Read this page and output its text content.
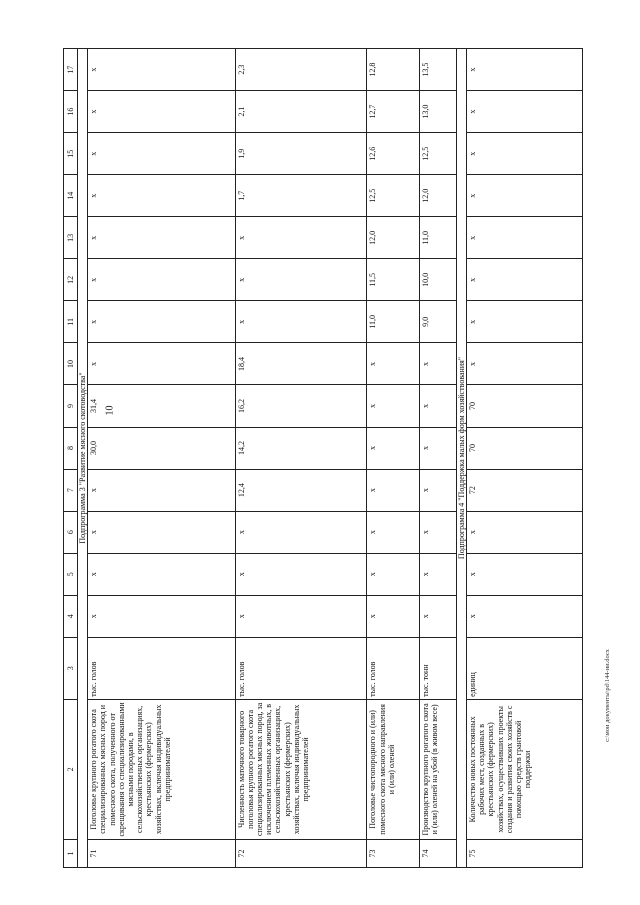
10
1	2	3	4	5	6	7	8	9	10	11	12	13	14	15	16	17
Подпрограмма 3 "Развитие мясного скотоводства"																
71	Поголовье крупного рогатого скота специализированных мясных пород и помесного скота, полученного от скрещивания со специализированными мясными породами, в сельскохозяйственных организациях, крестьянских (фермерских) хозяйствах, включая индивидуальных предпринимателей	тыс. голов	х	х	х	х	30,0	31,4	х	х	х	х	х	х	х	х
72	Численность маточного товарного поголовья крупного рогатого скота специализированных мясных пород, за исключением племенных животных, в сельскохозяйственных организациях, крестьянских (фермерских) хозяйствах, включая индивидуальных предпринимателей	тыс. голов	х	х	х	12,4	14,2	16,2	18,4	х	х	х	1,7	1,9	2,1	2,3
73	Поголовье чистопородного и (или) помесного скота мясного направления и (или) оленей	тыс. голов	х	х	х	х	х	х	х	11,0	11,5	12,0	12,5	12,6	12,7	12,8
74	Производство крупного рогатого скота и (или) оленей на убой (в живом весе)	тыс. тонн	х	х	х	х	х	х	х	9,0	10,0	11,0	12,0	12,5	13,0	13,5
Подпрограмма 4 "Поддержка малых форм хозяйствования"																
75	Количество новых постоянных рабочих мест, созданных в крестьянских (фермерских) хозяйствах, осуществивших проекты создания и развития своих хозяйств с помощью средств грантовой поддержки	единиц	х	х	х	72	70	70	х	х	х	х	х	х	х	х
c:\мои документы\pd\144-ии.docx
